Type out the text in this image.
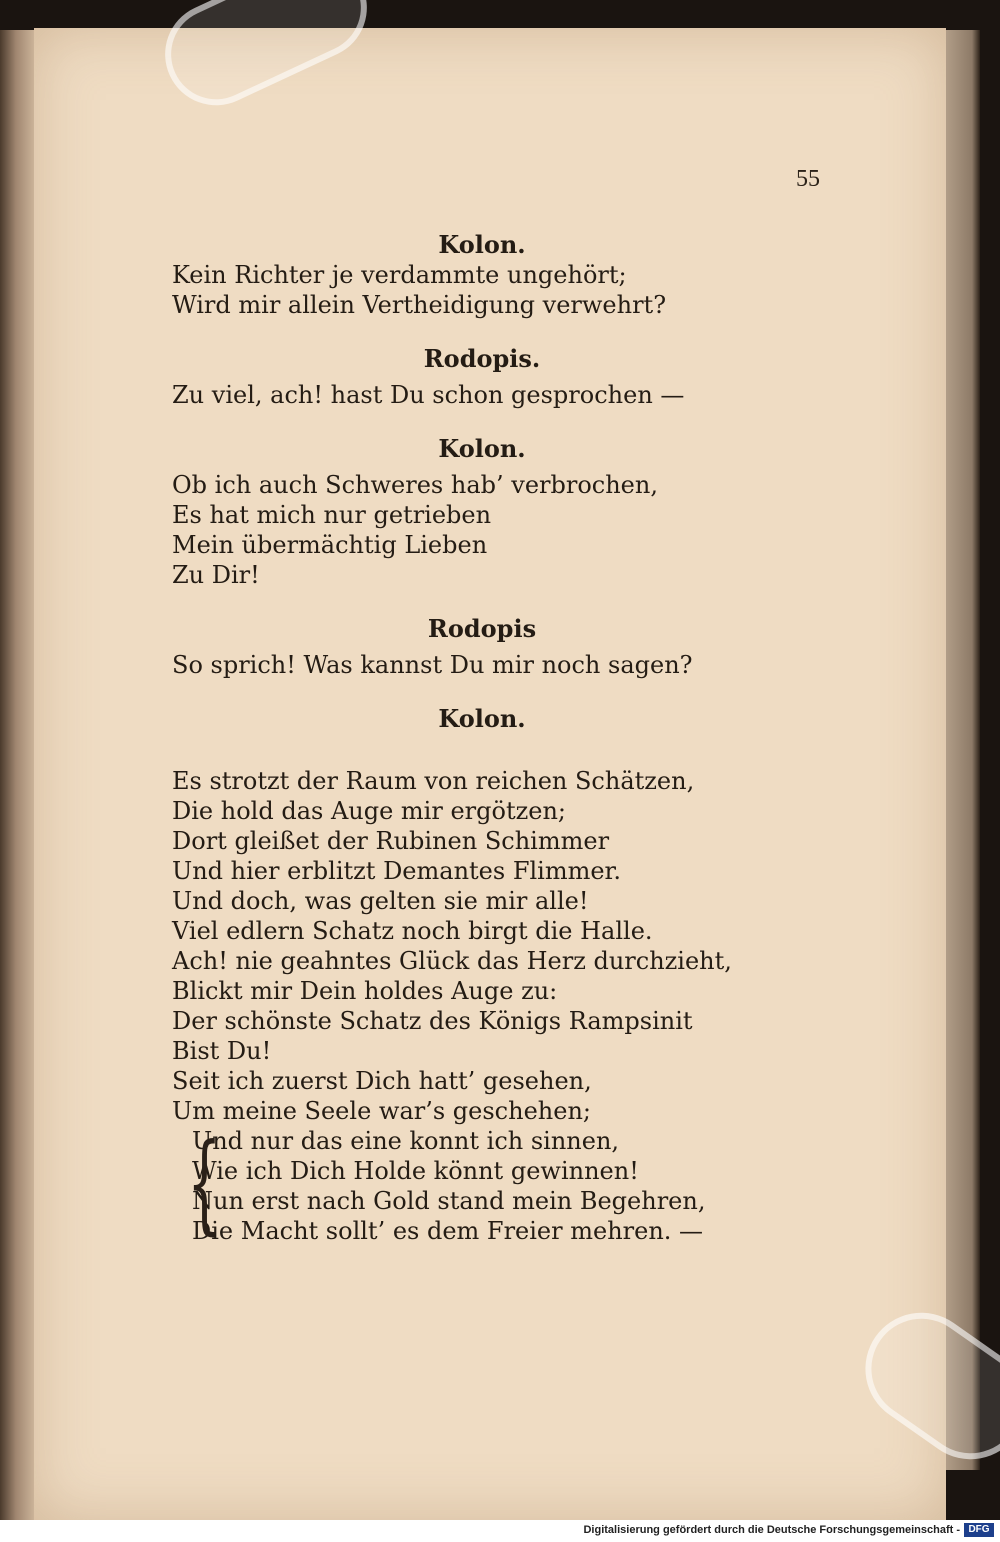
55

Kolon.

Kein Richter je verdammte ungehört;

Wird mir allein Vertheidigung verwehrt?

Rodopis.

Zu viel, ach! hast Du schon gesprochen —

Kolon.

Ob ich auch Schweres hab’ verbrochen,

Es hat mich nur getrieben

Mein übermächtig Lieben

Zu Dir!

Rodopis

So sprich! Was kannst Du mir noch sagen?

Kolon.

Es strotzt der Raum von reichen Schätzen,

Die hold das Auge mir ergötzen;

Dort gleißet der Rubinen Schimmer

Und hier erblitzt Demantes Flimmer.

Und doch, was gelten sie mir alle!

Viel edlern Schatz noch birgt die Halle.

Ach! nie geahntes Glück das Herz durchzieht,

Blickt mir Dein holdes Auge zu:

Der schönste Schatz des Königs Rampsinit

Bist Du!

Seit ich zuerst Dich hatt’ gesehen,

Um meine Seele war’s geschehen;

{

Und nur das eine konnt ich sinnen,

Wie ich Dich Holde könnt gewinnen!

Nun erst nach Gold stand mein Begehren,

Die Macht sollt’ es dem Freier mehren. —

Digitalisierung gefördert durch die Deutsche Forschungsgemeinschaft - DFG
